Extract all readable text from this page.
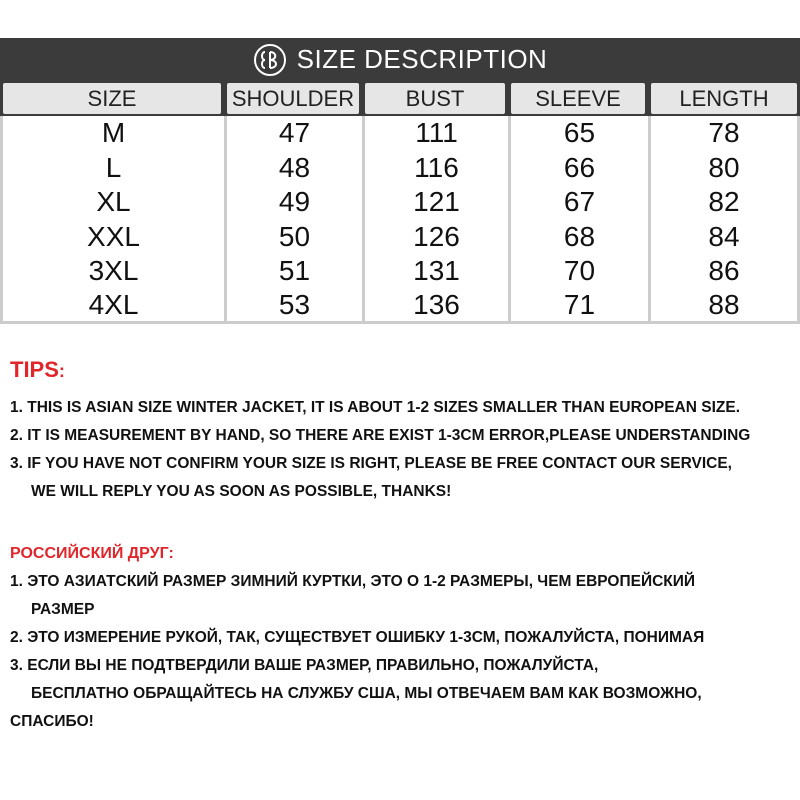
SIZE DESCRIPTION
SIZE	SHOULDER	BUST	SLEEVE	LENGTH

M	47	111	65	78
L	48	116	66	80
XL	49	121	67	82
XXL	50	126	68	84
3XL	51	131	70	86
4XL	53	136	71	88
TIPS:
1. THIS IS ASIAN SIZE WINTER JACKET, IT IS ABOUT 1-2 SIZES SMALLER THAN EUROPEAN SIZE.
2. IT IS MEASUREMENT BY HAND, SO THERE ARE EXIST 1-3CM ERROR,PLEASE UNDERSTANDING
3. IF YOU HAVE NOT CONFIRM YOUR SIZE IS RIGHT, PLEASE BE FREE CONTACT OUR SERVICE,
WE WILL REPLY YOU AS SOON AS POSSIBLE, THANKS!
РОССИЙСКИЙ ДРУГ:
1. ЭТО АЗИАТСКИЙ РАЗМЕР ЗИМНИЙ КУРТКИ, ЭТО О 1-2 РАЗМЕРЫ, ЧЕМ ЕВРОПЕЙСКИЙ
РАЗМЕР
2. ЭТО ИЗМЕРЕНИЕ РУКОЙ, ТАК, СУЩЕСТВУЕТ ОШИБКУ 1-3СМ, ПОЖАЛУЙСТА, ПОНИМАЯ
3. ЕСЛИ ВЫ НЕ ПОДТВЕРДИЛИ ВАШЕ РАЗМЕР, ПРАВИЛЬНО, ПОЖАЛУЙСТА,
БЕСПЛАТНО ОБРАЩАЙТЕСЬ НА СЛУЖБУ США, МЫ ОТВЕЧАЕМ ВАМ КАК ВОЗМОЖНО,
СПАСИБО!
